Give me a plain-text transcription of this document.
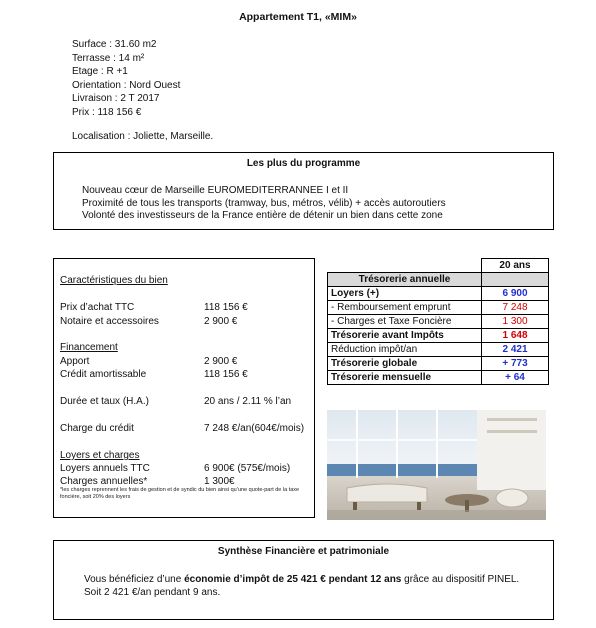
Appartement T1, «MIM»
Surface : 31.60 m2
Terrasse : 14 m²
Etage : R +1
Orientation : Nord Ouest
Livraison : 2 T 2017
Prix : 118 156 €
Localisation : Joliette, Marseille.
Les plus du programme
Nouveau cœur de Marseille EUROMEDITERRANNEE I et II
Proximité de tous les transports (tramway, bus, métros, vélib) + accès autoroutiers
Volonté des investisseurs de la France entière de détenir un bien dans cette zone
Caractéristiques du bien
Prix d’achat TTC	118 156 €
Notaire et accessoires	2 900 €
Financement
Apport	2 900 €
Crédit amortissable	118 156 €
Durée et taux (H.A.)	20 ans / 2.11 % l’an
Charge du crédit	7 248 €/an(604€/mois)
Loyers et charges
Loyers annuels TTC	6 900€ (575€/mois)
Charges annuelles*	1 300€
*les charges reprennent les frais de gestion et de syndic du bien ainsi qu’une quote-part de la taxe foncière, soit 20% des loyers
	20 ans
Trésorerie annuelle	
Loyers (+)	6 900
- Remboursement emprunt	7 248
- Charges et Taxe Foncière	1 300
Trésorerie avant Impôts	1 648
Réduction impôt/an	2 421
Trésorerie globale	+ 773
Trésorerie mensuelle	+ 64
Synthèse Financière et patrimoniale
Vous bénéficiez d’une économie d’impôt de 25 421 € pendant 12 ans grâce au dispositif PINEL.
Soit 2 421 €/an pendant 9 ans.
